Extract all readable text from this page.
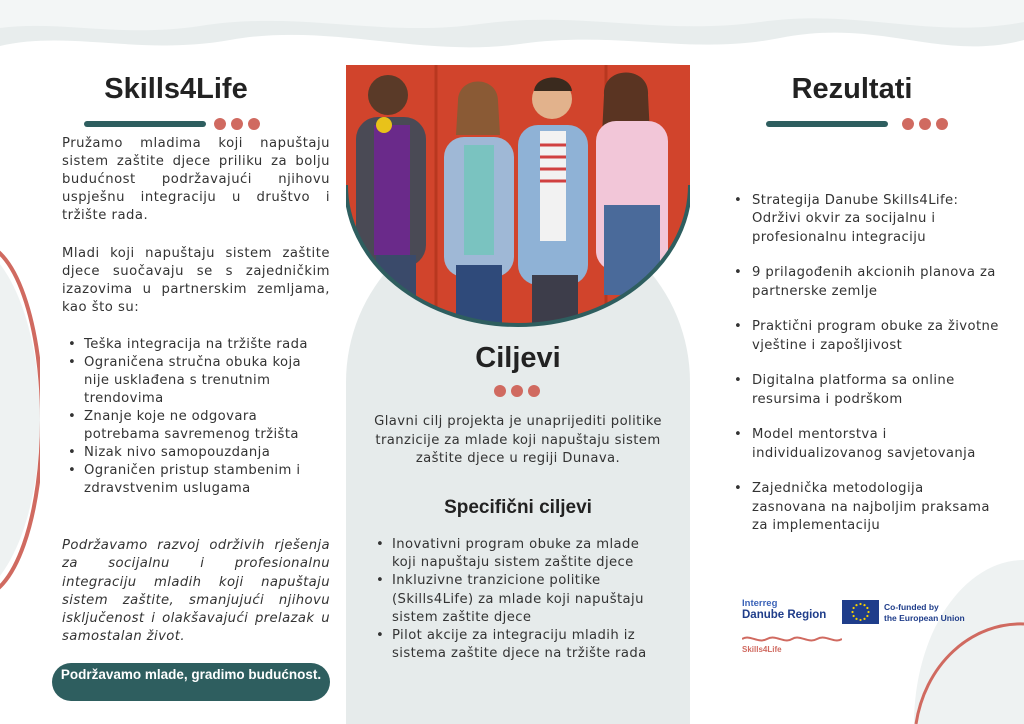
Skills4Life

Pružamo mladima koji napuštaju sistem zaštite djece priliku za bolju budućnost podržavajući njihovu uspješnu integraciju u društvo i tržište rada.

Mladi koji napuštaju sistem zaštite djece suočavaju se s zajedničkim izazovima u partnerskim zemljama, kao što su:

• Teška integracija na tržište rada
• Ograničena stručna obuka koja nije usklađena s trenutnim trendovima
• Znanje koje ne odgovara potrebama savremenog tržišta
• Nizak nivo samopouzdanja
• Ograničen pristup stambenim i zdravstvenim uslugama

Podržavamo razvoj održivih rješenja za socijalnu i profesionalnu integraciju mladih koji napuštaju sistem zaštite, smanjujući njihovu isključenost i olakšavajući prelazak u samostalan život.

Podržavamo mlade, gradimo budućnost.
Ciljevi

Glavni cilj projekta je unaprijediti politike tranzicije za mlade koji napuštaju sistem zaštite djece u regiji Dunava.

Specifični ciljevi
• Inovativni program obuke za mlade koji napuštaju sistem zaštite djece
• Inkluzivne tranzicione politike (Skills4Life) za mlade koji napuštaju sistem zaštite djece
• Pilot akcije za integraciju mladih iz sistema zaštite djece na tržište rada
Rezultati
• Strategija Danube Skills4Life: Održivi okvir za socijalnu i profesionalnu integraciju
• 9 prilagođenih akcionih planova za partnerske zemlje
• Praktični program obuke za životne vještine i zapošljivost
• Digitalna platforma sa online resursima i podrškom
• Model mentorstva i individualizovanog savjetovanja
• Zajednička metodologija zasnovana na najboljim praksama za implementaciju
Interreg
Danube Region
Co-funded by
the European Union
Skills4Life
